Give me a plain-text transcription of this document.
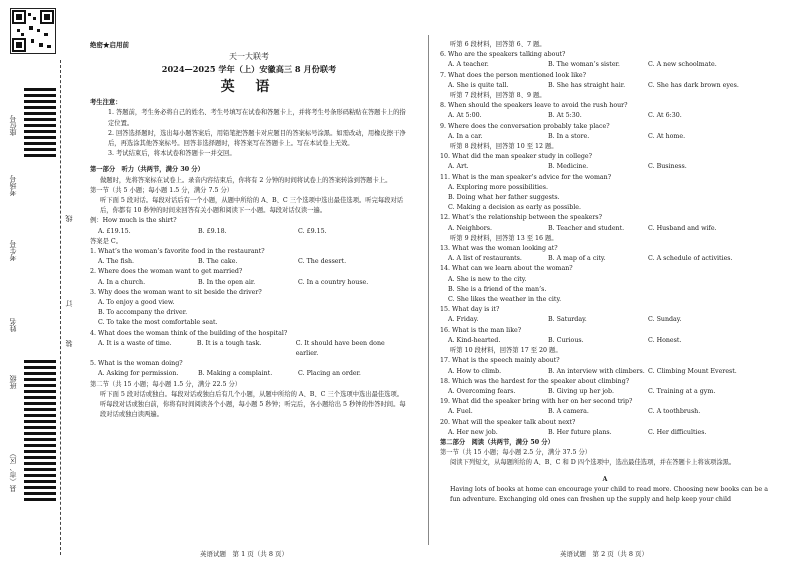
座位号
考场号
考生号
姓名
班级
县（市、区）
线
订
装
绝密★启用前
天一大联考
2024—2025 学年（上）安徽高三 8 月份联考
英 语
考生注意：
1. 答题前，考生务必将自己的姓名、考生号填写在试卷和答题卡上，并将考生号条形码粘贴在答题卡上的指定位置。
2. 回答选择题时，选出每小题答案后，用铅笔把答题卡对应题目的答案标号涂黑。如需改动，用橡皮擦干净后，再选涂其他答案标号。回答非选择题时，将答案写在答题卡上。写在本试卷上无效。
3. 考试结束后，将本试卷和答题卡一并交回。
第一部分　听力（共两节，满分 30 分）
做题时，先将答案标在试卷上。录音内容结束后，你将有 2 分钟的时间将试卷上的答案转涂到答题卡上。
第一节（共 5 小题；每小题 1.5 分，满分 7.5 分）
听下面 5 段对话。每段对话后有一个小题，从题中所给的 A、B、C 三个选项中选出最佳选项。听完每段对话后，你都有 10 秒钟的时间来回答有关小题和阅读下一小题。每段对话仅读一遍。
例：How much is the shirt?
A. £19.15.	B. £9.18.	C. £9.15.
答案是 C。
1. What’s the woman’s favorite food in the restaurant?
A. The fish.	B. The cake.	C. The dessert.
2. Where does the woman want to get married?
A. In a church.	B. In the open air.	C. In a country house.
3. Why does the woman want to sit beside the driver?
A. To enjoy a good view.
B. To accompany the driver.
C. To take the most comfortable seat.
4. What does the woman think of the building of the hospital?
A. It is a waste of time.	B. It is a tough task.	C. It should have been done earlier.
5. What is the woman doing?
A. Asking for permission.	B. Making a complaint.	C. Placing an order.
第二节（共 15 小题；每小题 1.5 分，满分 22.5 分）
听下面 5 段对话或独白。每段对话或独白后有几个小题，从题中所给的 A、B、C 三个选项中选出最佳选项。听每段对话或独白前，你将有时间阅读各个小题，每小题 5 秒钟；听完后，各小题给出 5 秒钟的作答时间。每段对话或独白读两遍。
听第 6 段材料，回答第 6、7 题。
6. Who are the speakers talking about?
A. A teacher.	B. The woman’s sister.	C. A new schoolmate.
7. What does the person mentioned look like?
A. She is quite tall.	B. She has straight hair.	C. She has dark brown eyes.
听第 7 段材料，回答第 8、9 题。
8. When should the speakers leave to avoid the rush hour?
A. At 5:00.	B. At 5:30.	C. At 6:30.
9. Where does the conversation probably take place?
A. In a car.	B. In a store.	C. At home.
听第 8 段材料，回答第 10 至 12 题。
10. What did the man speaker study in college?
A. Art.	B. Medicine.	C. Business.
11. What is the man speaker’s advice for the woman?
A. Exploring more possibilities.
B. Doing what her father suggests.
C. Making a decision as early as possible.
12. What’s the relationship between the speakers?
A. Neighbors.	B. Teacher and student.	C. Husband and wife.
听第 9 段材料，回答第 13 至 16 题。
13. What was the woman looking at?
A. A list of restaurants.	B. A map of a city.	C. A schedule of activities.
14. What can we learn about the woman?
A. She is new to the city.
B. She is a friend of the man’s.
C. She likes the weather in the city.
15. What day is it?
A. Friday.	B. Saturday.	C. Sunday.
16. What is the man like?
A. Kind-hearted.	B. Curious.	C. Honest.
听第 10 段材料，回答第 17 至 20 题。
17. What is the speech mainly about?
A. How to climb.	B. An interview with climbers. C. Climbing Mount Everest.
18. Which was the hardest for the speaker about climbing?
A. Overcoming fears.	B. Giving up her job.	C. Training at a gym.
19. What did the speaker bring with her on her second trip?
A. Fuel.	B. A camera.	C. A toothbrush.
20. What will the speaker talk about next?
A. Her new job.	B. Her future plans.	C. Her difficulties.
第二部分　阅读（共两节，满分 50 分）
第一节（共 15 小题；每小题 2.5 分，满分 37.5 分）
阅读下列短文，从每题所给的 A、B、C 和 D 四个选项中，选出最佳选项，并在答题卡上将该项涂黑。
A
Having lots of books at home can encourage your child to read more. Choosing new books can be a fun adventure. Exchanging old ones can freshen up the supply and help keep your child
英语试题　第 1 页（共 8 页）	英语试题　第 2 页（共 8 页）
